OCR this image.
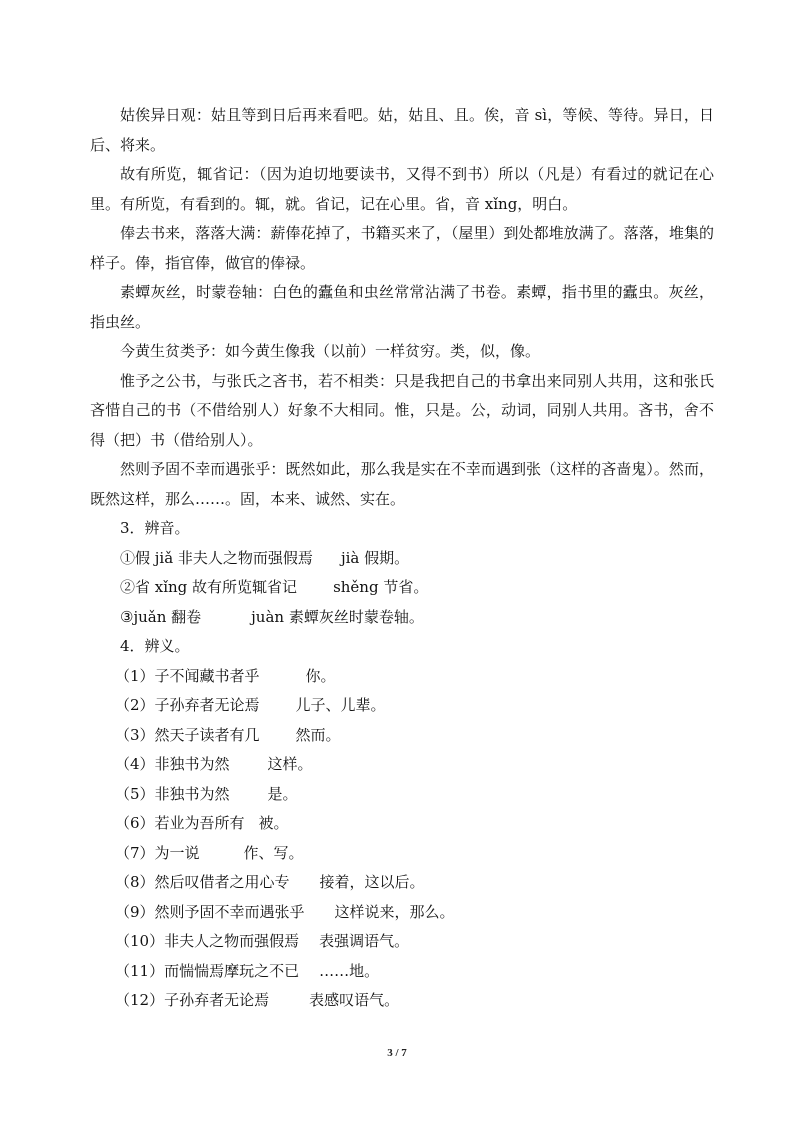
姑俟异日观：姑且等到日后再来看吧。姑，姑且、且。俟，音 sì，等候、等待。异日，日后、将来。

故有所览，辄省记：（因为迫切地要读书，又得不到书）所以（凡是）有看过的就记在心里。有所览，有看到的。辄，就。省记，记在心里。省，音 xǐng，明白。

俸去书来，落落大满：薪俸花掉了，书籍买来了，（屋里）到处都堆放满了。落落，堆集的样子。俸，指官俸，做官的俸禄。

素蟫灰丝，时蒙卷轴：白色的蠹鱼和虫丝常常沾满了书卷。素蟫，指书里的蠹虫。灰丝，指虫丝。

今黄生贫类予：如今黄生像我（以前）一样贫穷。类，似，像。

惟予之公书，与张氏之吝书，若不相类：只是我把自己的书拿出来同别人共用，这和张氏吝惜自己的书（不借给别人）好象不大相同。惟，只是。公，动词，同别人共用。吝书，舍不得（把）书（借给别人）。

然则予固不幸而遇张乎：既然如此，那么我是实在不幸而遇到张（这样的吝啬鬼）。然而，既然这样，那么……。固，本来、诚然、实在。

3．辨音。

①假 jiǎ 非夫人之物而强假焉 jià 假期。

②省 xǐng 故有所览辄省记 shěng 节省。

③juǎn 翻卷	juàn 素蟫灰丝时蒙卷轴。

4．辨义。

（1）子不闻藏书者乎	你。

（2）子孙弃者无论焉 儿子、儿辈。

（3）然天子读者有几 然而。

（4）非独书为然	这样。

（5）非独书为然	是。

（6）若业为吾所有 被。

（7）为一说	作、写。

（8）然后叹借者之用心专 接着，这以后。

（9）然则予固不幸而遇张乎 这样说来，那么。

（10）非夫人之物而强假焉 表强调语气。

（11）而惴惴焉摩玩之不已 ……地。

（12）子孙弃者无论焉	表感叹语气。

3 / 7
